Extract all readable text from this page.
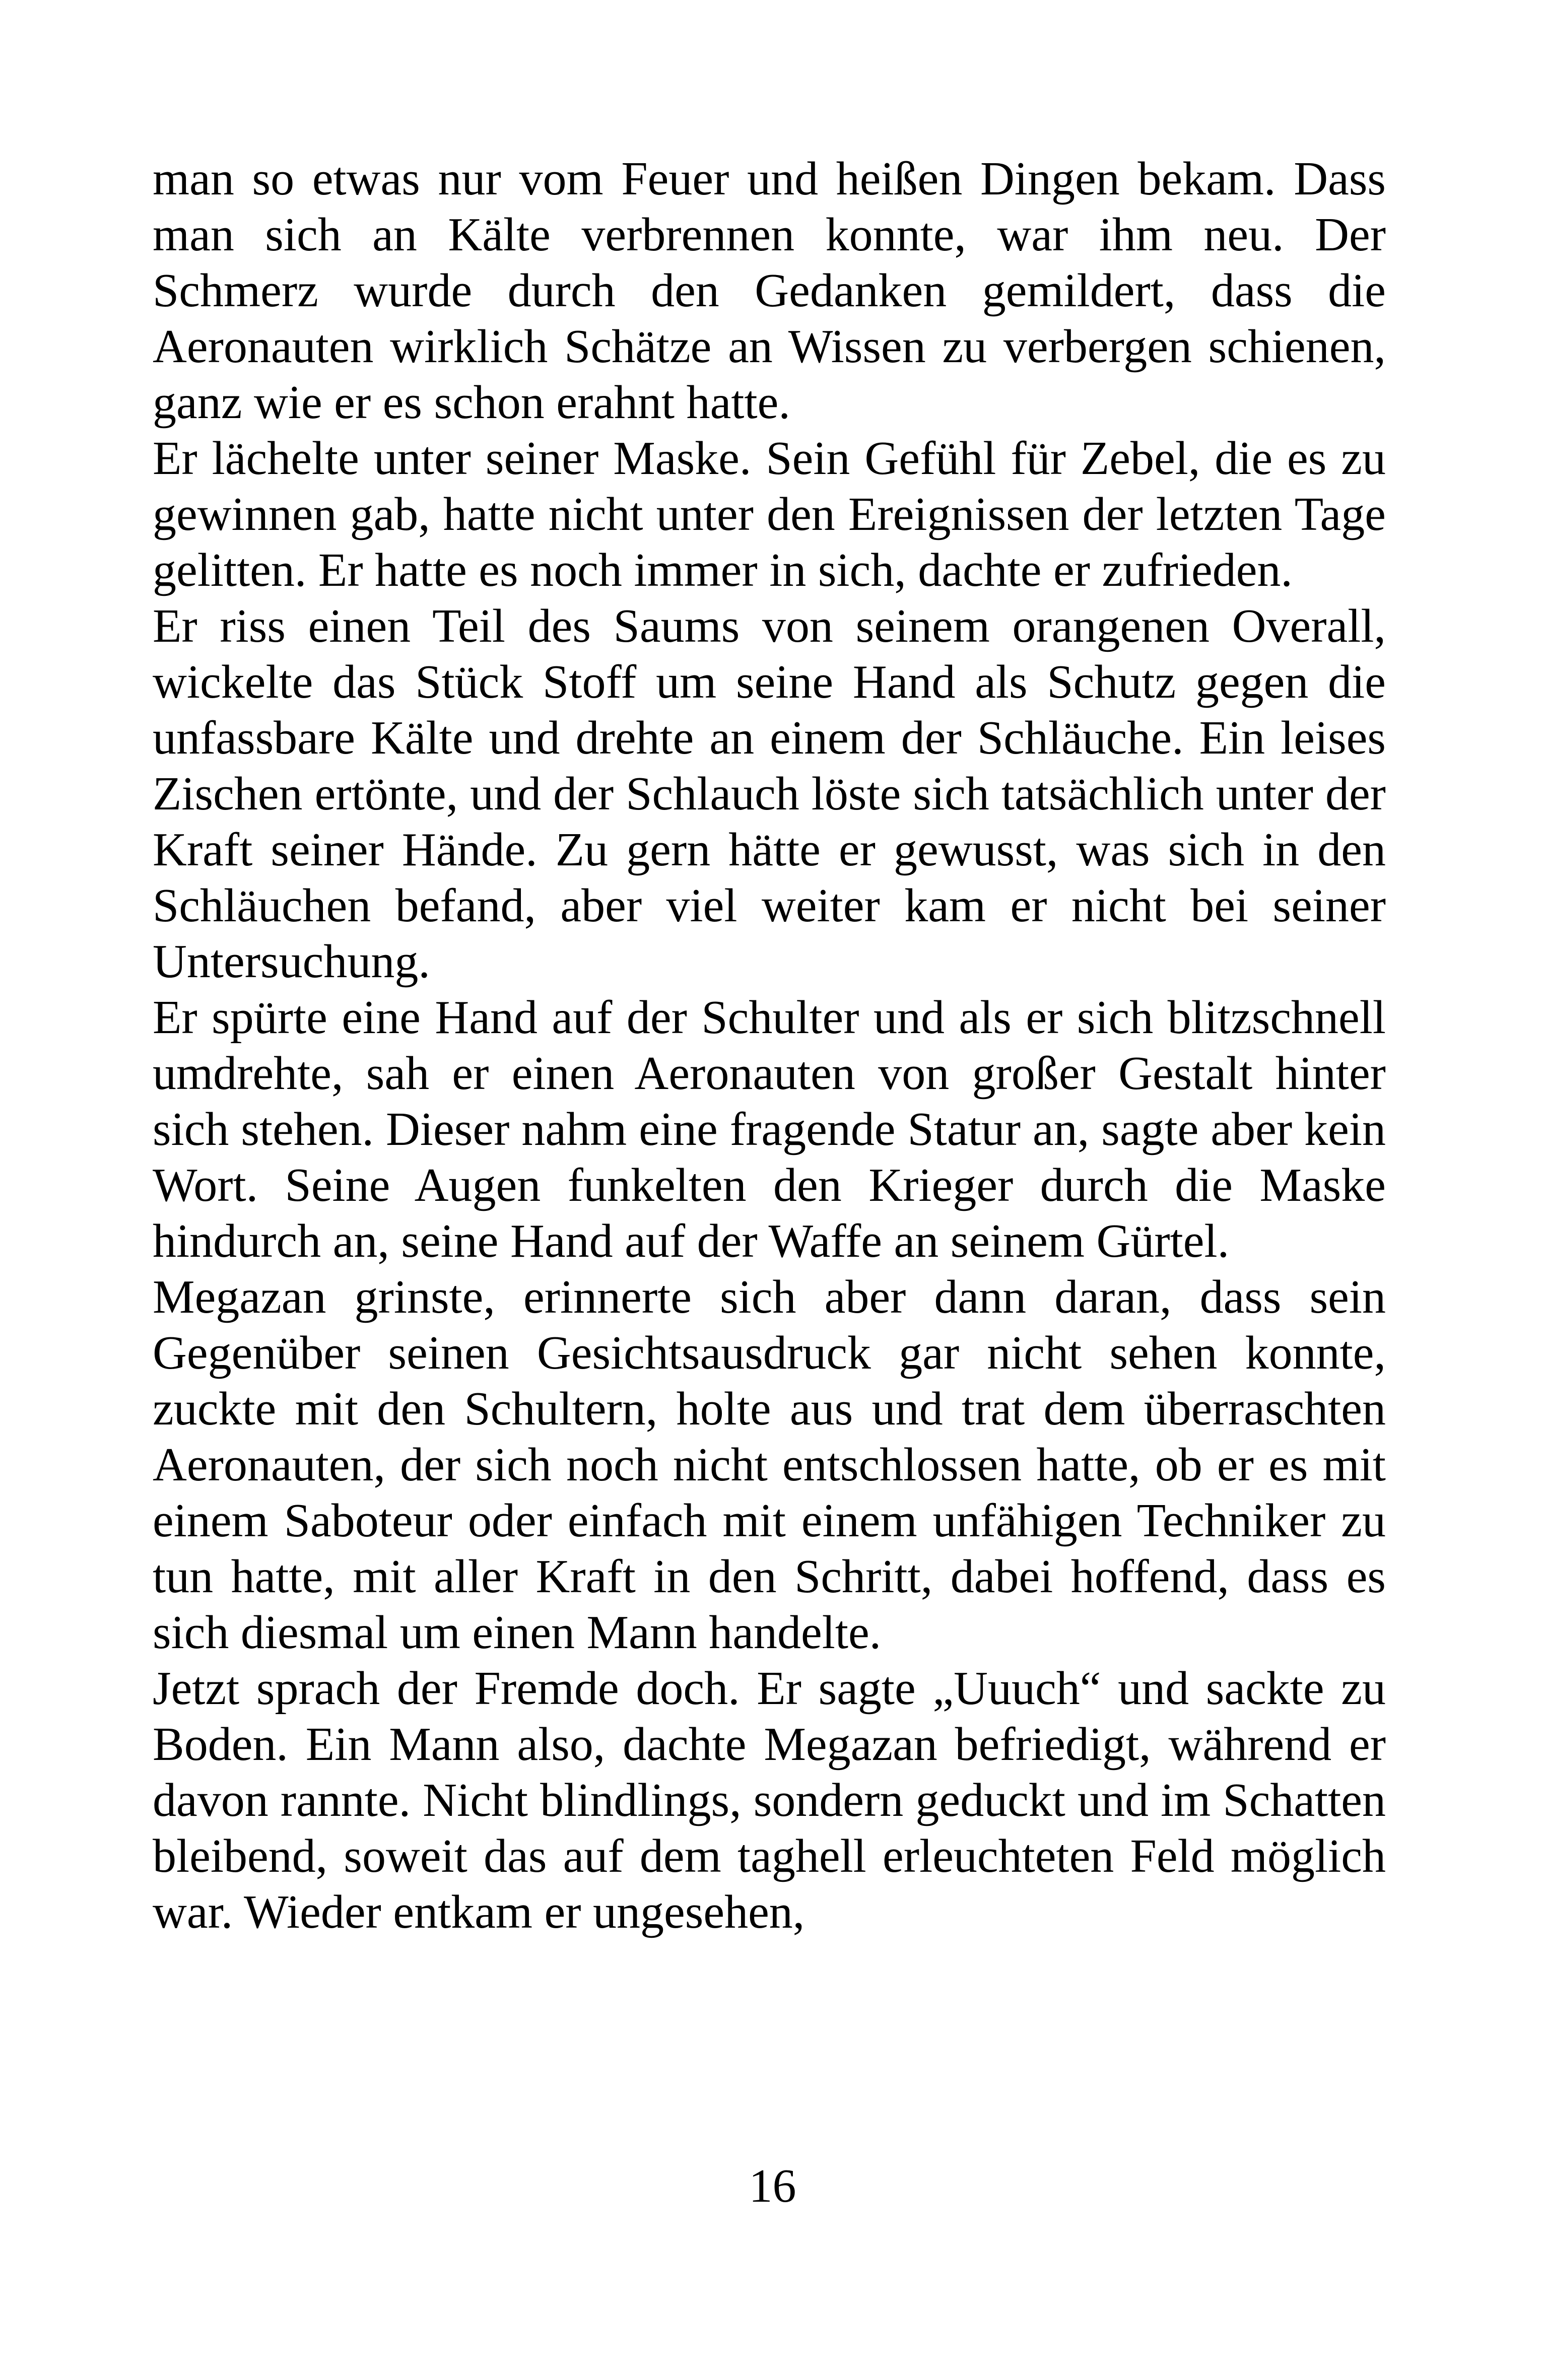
man so etwas nur vom Feuer und heißen Dingen bekam. Dass man sich an Kälte verbrennen konnte, war ihm neu. Der Schmerz wurde durch den Gedanken gemildert, dass die Aeronauten wirklich Schätze an Wissen zu verbergen schienen, ganz wie er es schon erahnt hatte.

Er lächelte unter seiner Maske. Sein Gefühl für Zebel, die es zu gewinnen gab, hatte nicht unter den Ereignissen der letzten Tage gelitten. Er hatte es noch immer in sich, dachte er zufrieden.

Er riss einen Teil des Saums von seinem orangenen Overall, wickelte das Stück Stoff um seine Hand als Schutz gegen die unfassbare Kälte und drehte an einem der Schläuche. Ein leises Zischen ertönte, und der Schlauch löste sich tatsächlich unter der Kraft seiner Hände. Zu gern hätte er gewusst, was sich in den Schläuchen befand, aber viel weiter kam er nicht bei seiner Untersuchung.

Er spürte eine Hand auf der Schulter und als er sich blitzschnell umdrehte, sah er einen Aeronauten von großer Gestalt hinter sich stehen. Dieser nahm eine fragende Statur an, sagte aber kein Wort. Seine Augen funkelten den Krieger durch die Maske hindurch an, seine Hand auf der Waffe an seinem Gürtel.

Megazan grinste, erinnerte sich aber dann daran, dass sein Gegenüber seinen Gesichtsausdruck gar nicht sehen konnte, zuckte mit den Schultern, holte aus und trat dem überraschten Aeronauten, der sich noch nicht entschlossen hatte, ob er es mit einem Saboteur oder einfach mit einem unfähigen Techniker zu tun hatte, mit aller Kraft in den Schritt, dabei hoffend, dass es sich diesmal um einen Mann handelte.

Jetzt sprach der Fremde doch. Er sagte „Uuuch“ und sackte zu Boden. Ein Mann also, dachte Megazan befriedigt, während er davon rannte. Nicht blindlings, sondern geduckt und im Schatten bleibend, soweit das auf dem taghell erleuchteten Feld möglich war. Wieder entkam er ungesehen,

16
